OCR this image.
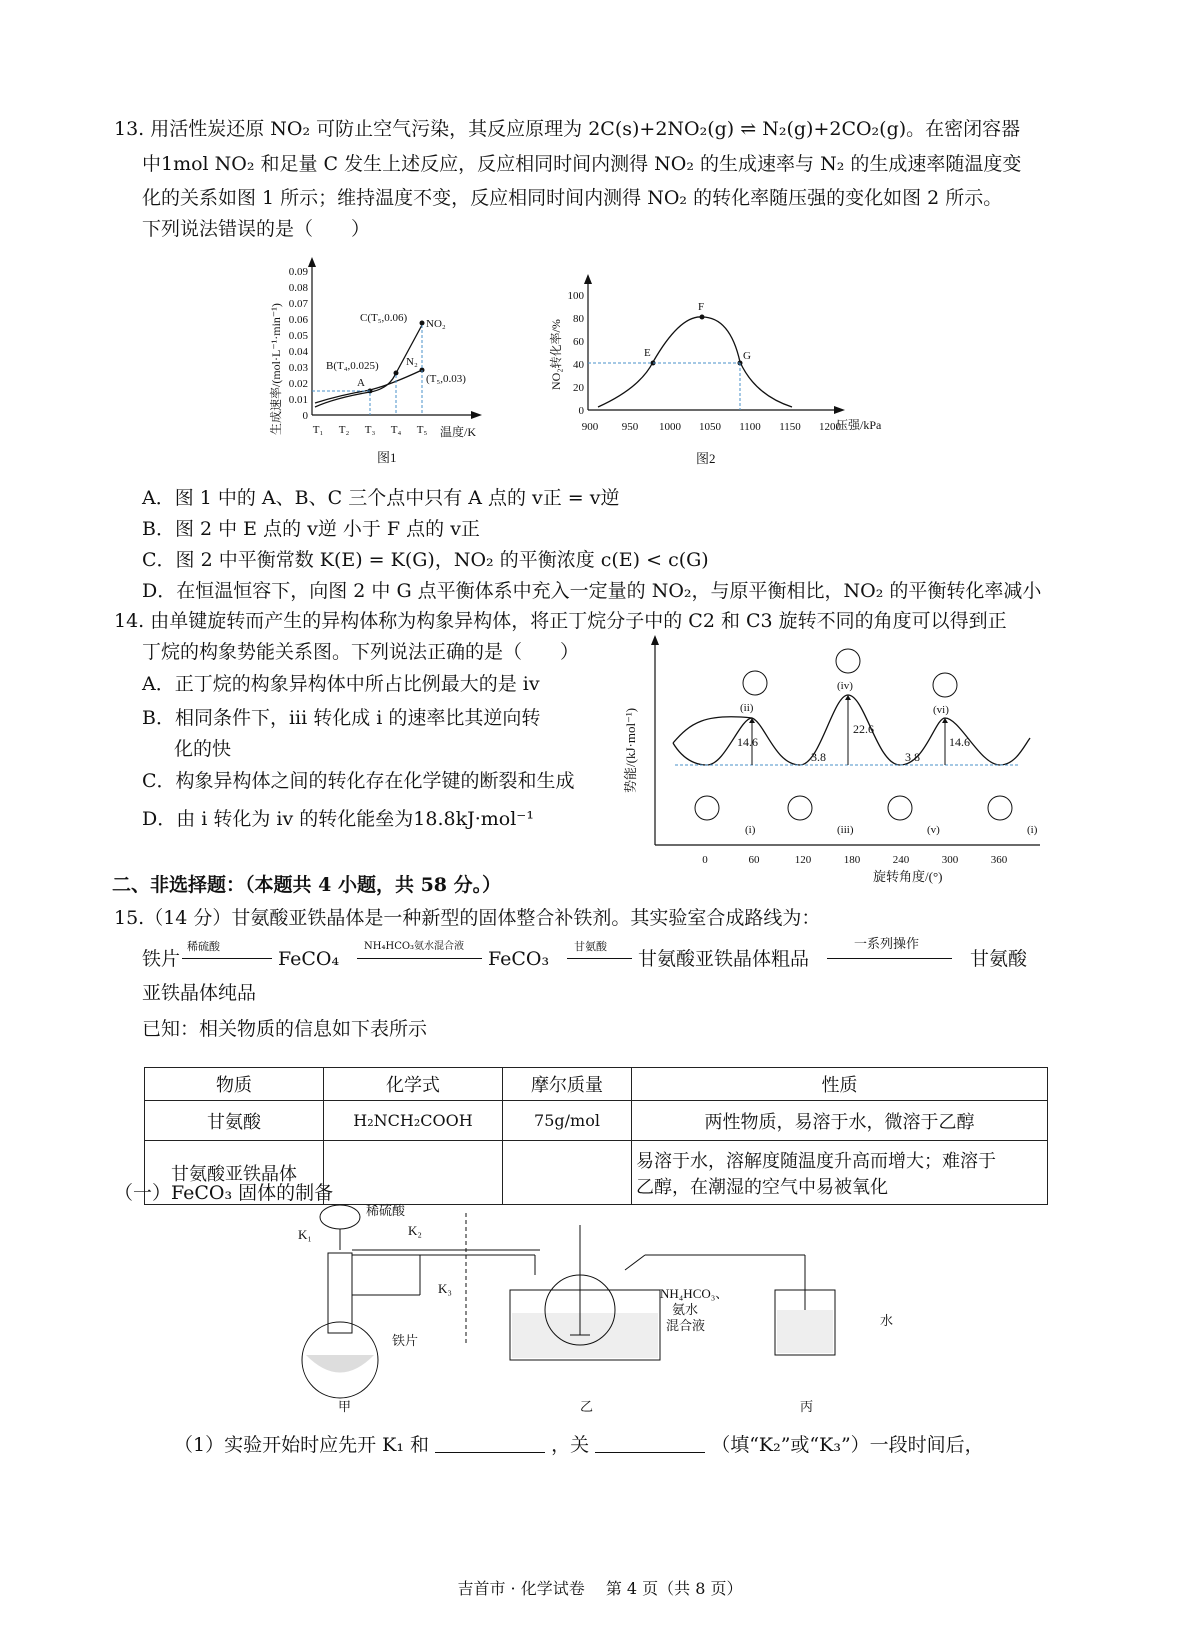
13. 用活性炭还原 NO₂ 可防止空气污染，其反应原理为 2C(s)+2NO₂(g) ⇌ N₂(g)+2CO₂(g)。在密闭容器
中1mol NO₂ 和足量 C 发生上述反应，反应相同时间内测得 NO₂ 的生成速率与 N₂ 的生成速率随温度变
化的关系如图 1 所示；维持温度不变，反应相同时间内测得 NO₂ 的转化率随压强的变化如图 2 所示。
下列说法错误的是（　　）
生成速率/(mol·L⁻¹·min⁻¹) 0
0.01
0.02
0.03
0.04
0.05
0.06
0.07
0.08
0.09
T₁ T₂ T₃ T₄ T₅
C(T₅,0.06) NO₂
B(T₄,0.025)
A
N₂
(T₅,0.03)
温度/K
图1
NO₂转化率/%
0
20
40
60
80
100
900 950 1000 1050 1100 1150 1200
E
F
G
压强/kPa
图2
A．图 1 中的 A、B、C 三个点中只有 A 点的 v正 = v逆
B．图 2 中 E 点的 v逆 小于 F 点的 v正
C．图 2 中平衡常数 K(E) = K(G)，NO₂ 的平衡浓度 c(E) < c(G)
D．在恒温恒容下，向图 2 中 G 点平衡体系中充入一定量的 NO₂，与原平衡相比，NO₂ 的平衡转化率减小
14. 由单键旋转而产生的异构体称为构象异构体，将正丁烷分子中的 C2 和 C3 旋转不同的角度可以得到正
丁烷的构象势能关系图。下列说法正确的是（　　）
A．正丁烷的构象异构体中所占比例最大的是 iv
B．相同条件下，iii 转化成 i 的速率比其逆向转
化的快
C．构象异构体之间的转化存在化学键的断裂和生成
D．由 i 转化为 iv 的转化能垒为18.8kJ·mol⁻¹
势能/(kJ·mol⁻¹)
0	60	120	180	240	300	360
14.6
3.8
22.6
3.8
14.6
(ii)
(iv)
(vi)
(i)	(iii)	(v)	(i)
旋转角度/(°)
二、非选择题：（本题共 4 小题，共 58 分。）
15.（14 分）甘氨酸亚铁晶体是一种新型的固体整合补铁剂。其实验室合成路线为：
铁片
稀硫酸
FeCO₄
NH₄HCO₃氨水混合液
FeCO₃
甘氨酸
甘氨酸亚铁晶体粗品
一系列操作
甘氨酸
亚铁晶体纯品
已知：相关物质的信息如下表所示
物质	化学式	摩尔质量	性质
甘氨酸	H₂NCH₂COOH	75g/mol	两性物质，易溶于水，微溶于乙醇
甘氨酸亚铁晶体			易溶于水，溶解度随温度升高而增大；难溶于
乙醇，在潮湿的空气中易被氧化
（一）FeCO₃ 固体的制备
稀硫酸
K₁	K₂
K₃
铁片
NH₄HCO₃、
氨水
混合液	水
甲	乙	丙
（1）实验开始时应先开 K₁ 和	，关	（填“K₂”或“K₃”）一段时间后，
吉首市 · 化学试卷　 第 4 页（共 8 页）
